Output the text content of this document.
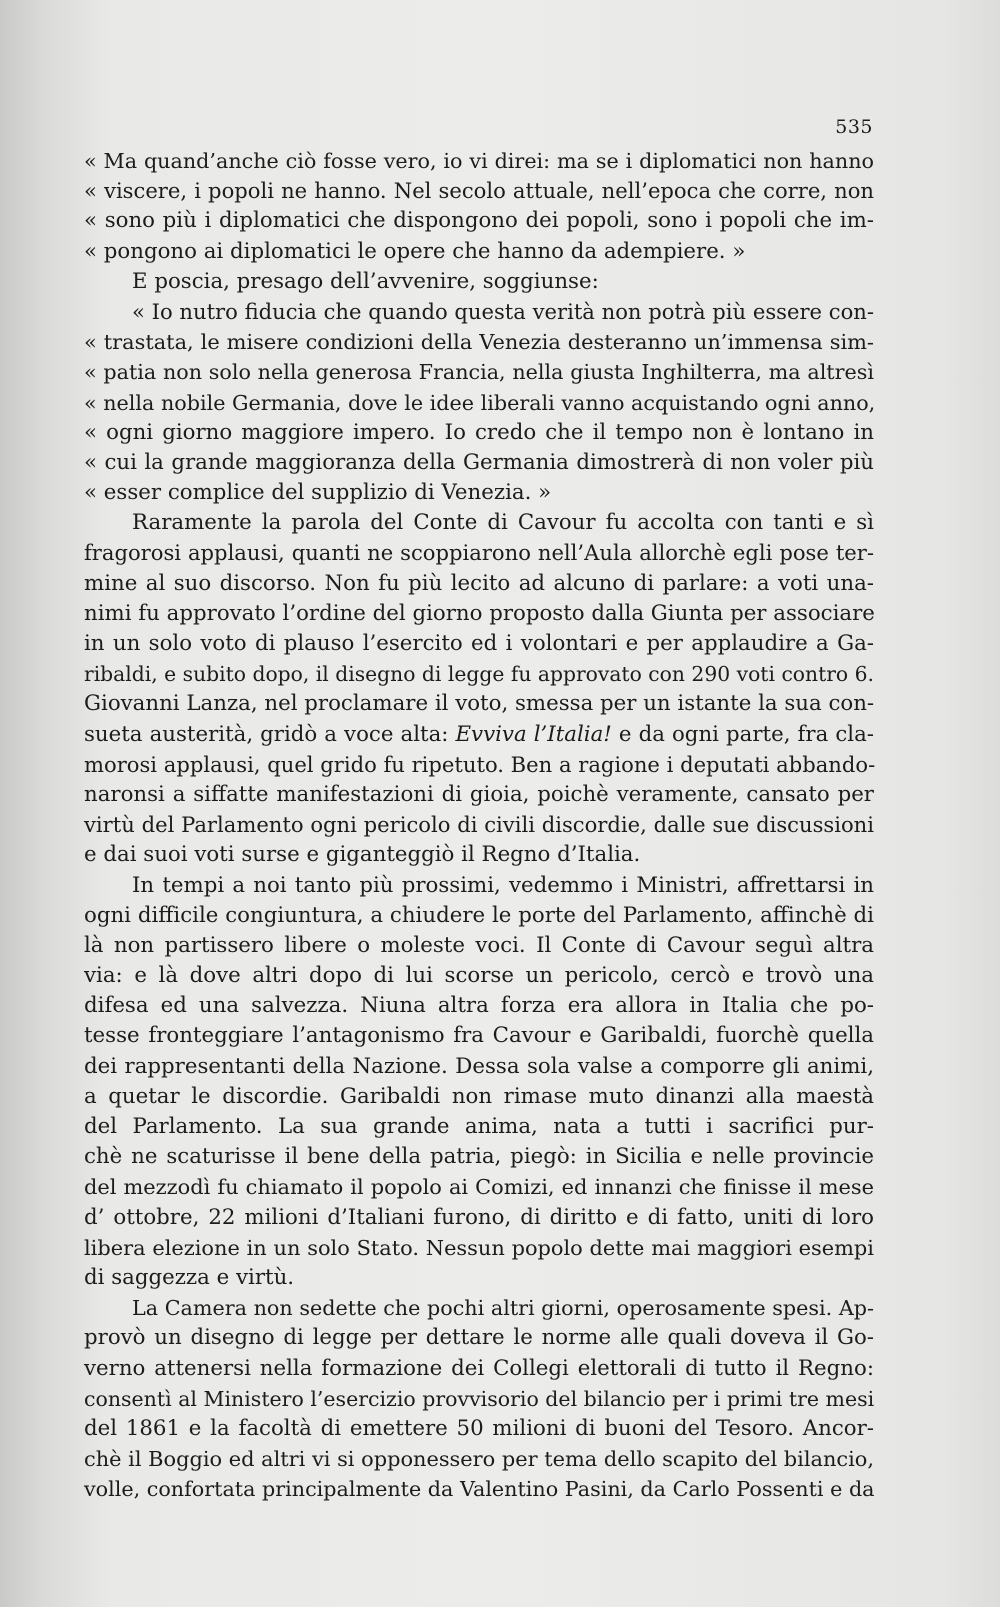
535
« Ma quand’anche ciò fosse vero, io vi direi: ma se i diplomatici non hanno
« viscere, i popoli ne hanno. Nel secolo attuale, nell’epoca che corre, non
« sono più i diplomatici che dispongono dei popoli, sono i popoli che im-
« pongono ai diplomatici le opere che hanno da adempiere. »
E poscia, presago dell’avvenire, soggiunse:
« Io nutro fiducia che quando questa verità non potrà più essere con-
« trastata, le misere condizioni della Venezia desteranno un’immensa sim-
« patia non solo nella generosa Francia, nella giusta Inghilterra, ma altresì
« nella nobile Germania, dove le idee liberali vanno acquistando ogni anno,
« ogni giorno maggiore impero. Io credo che il tempo non è lontano in
« cui la grande maggioranza della Germania dimostrerà di non voler più
« esser complice del supplizio di Venezia. »
Raramente la parola del Conte di Cavour fu accolta con tanti e sì
fragorosi applausi, quanti ne scoppiarono nell’Aula allorchè egli pose ter-
mine al suo discorso. Non fu più lecito ad alcuno di parlare: a voti una-
nimi fu approvato l’ordine del giorno proposto dalla Giunta per associare
in un solo voto di plauso l’esercito ed i volontari e per applaudire a Ga-
ribaldi, e subito dopo, il disegno di legge fu approvato con 290 voti contro 6.
Giovanni Lanza, nel proclamare il voto, smessa per un istante la sua con-
sueta austerità, gridò a voce alta: Evviva l’Italia! e da ogni parte, fra cla-
morosi applausi, quel grido fu ripetuto. Ben a ragione i deputati abbando-
naronsi a siffatte manifestazioni di gioia, poichè veramente, cansato per
virtù del Parlamento ogni pericolo di civili discordie, dalle sue discussioni
e dai suoi voti surse e giganteggiò il Regno d’Italia.
In tempi a noi tanto più prossimi, vedemmo i Ministri, affrettarsi in
ogni difficile congiuntura, a chiudere le porte del Parlamento, affinchè di
là non partissero libere o moleste voci. Il Conte di Cavour seguì altra
via: e là dove altri dopo di lui scorse un pericolo, cercò e trovò una
difesa ed una salvezza. Niuna altra forza era allora in Italia che po-
tesse fronteggiare l’antagonismo fra Cavour e Garibaldi, fuorchè quella
dei rappresentanti della Nazione. Dessa sola valse a comporre gli animi,
a quetar le discordie. Garibaldi non rimase muto dinanzi alla maestà
del Parlamento. La sua grande anima, nata a tutti i sacrifici pur-
chè ne scaturisse il bene della patria, piegò: in Sicilia e nelle provincie
del mezzodì fu chiamato il popolo ai Comizi, ed innanzi che finisse il mese
d’ ottobre, 22 milioni d’Italiani furono, di diritto e di fatto, uniti di loro
libera elezione in un solo Stato. Nessun popolo dette mai maggiori esempi
di saggezza e virtù.
La Camera non sedette che pochi altri giorni, operosamente spesi. Ap-
provò un disegno di legge per dettare le norme alle quali doveva il Go-
verno attenersi nella formazione dei Collegi elettorali di tutto il Regno:
consentì al Ministero l’esercizio provvisorio del bilancio per i primi tre mesi
del 1861 e la facoltà di emettere 50 milioni di buoni del Tesoro. Ancor-
chè il Boggio ed altri vi si opponessero per tema dello scapito del bilancio,
volle, confortata principalmente da Valentino Pasini, da Carlo Possenti e da
